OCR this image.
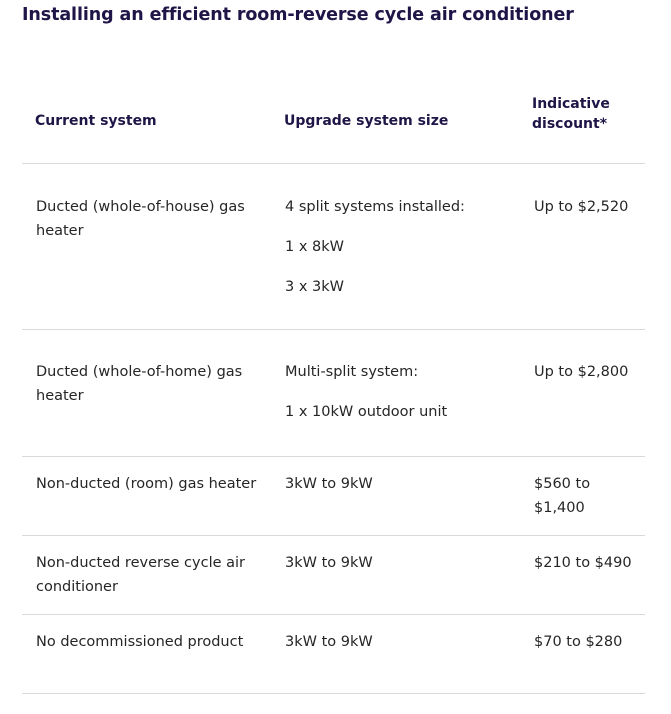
Installing an efficient room-reverse cycle air conditioner
Current system	Upgrade system size	Indicative
discount*

Ducted (whole-of-house) gas heater	4 split systems installed:
1 x 8kW
3 x 3kW	Up to $2,520
Ducted (whole-of-home) gas heater	Multi-split system:
1 x 10kW outdoor unit	Up to $2,800
Non-ducted (room) gas heater	3kW to 9kW	$560 to $1,400
Non-ducted reverse cycle air conditioner	3kW to 9kW	$210 to $490
No decommissioned product	3kW to 9kW	$70 to $280
